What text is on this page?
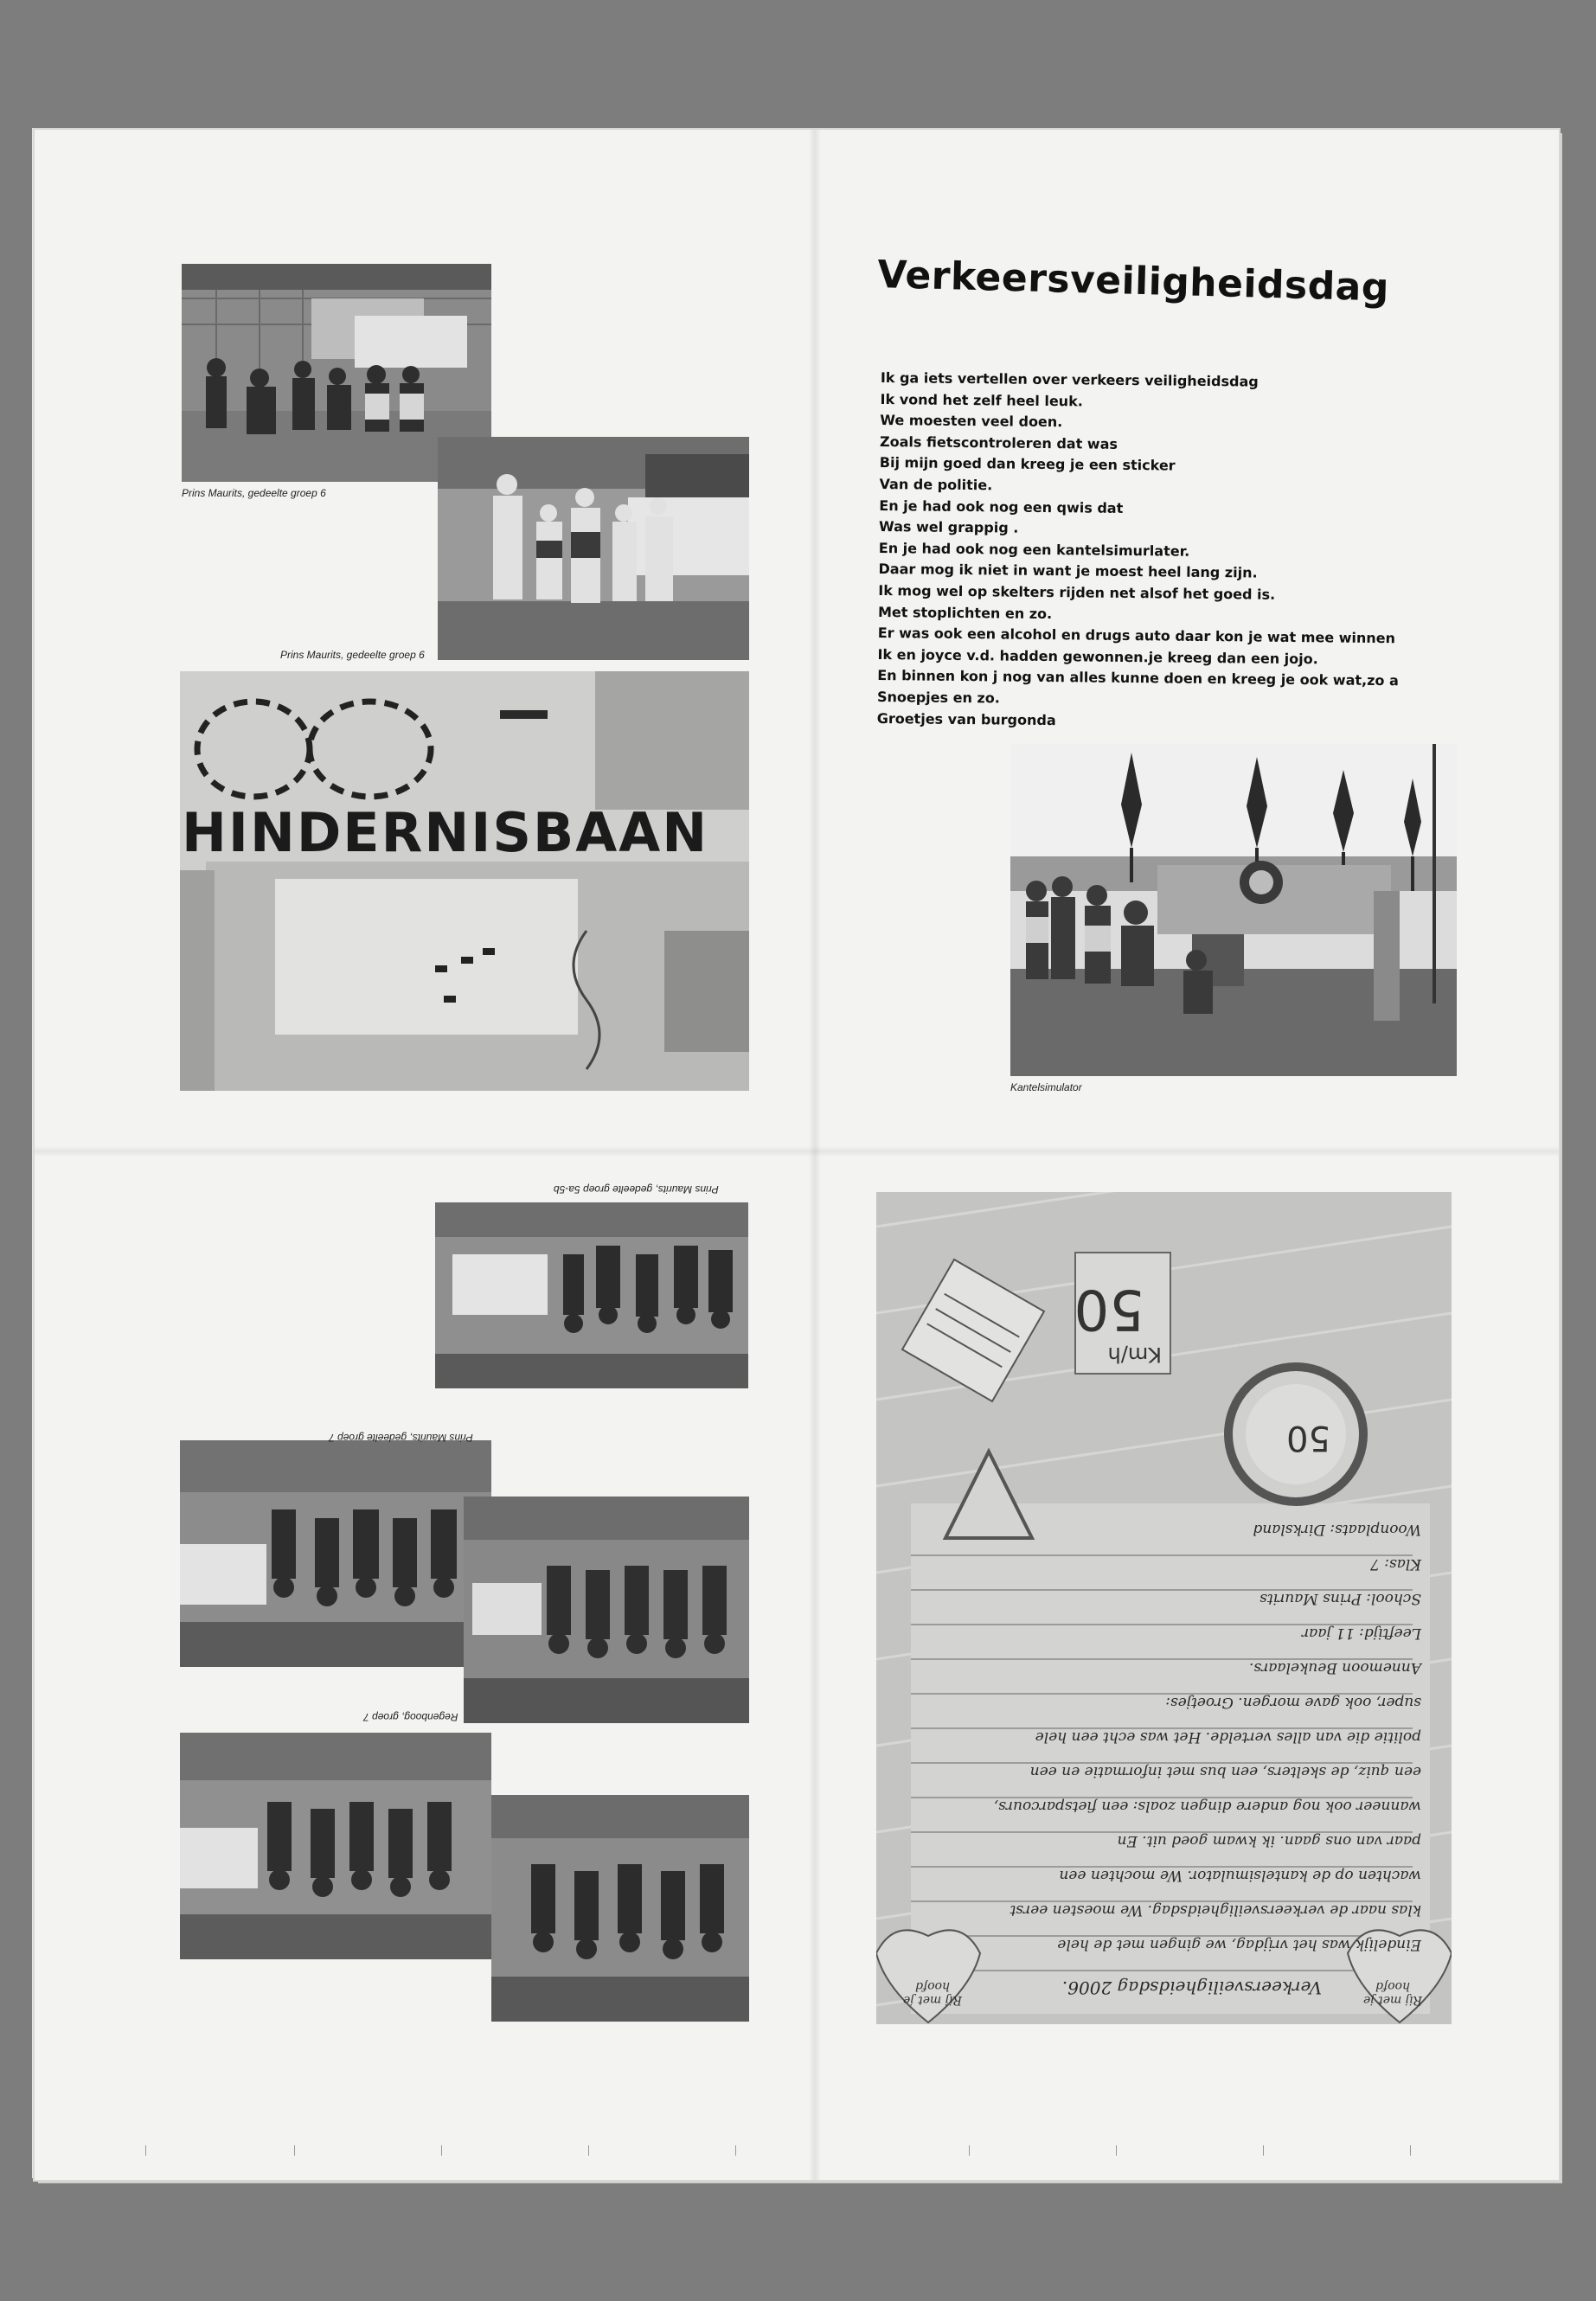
Prins Maurits, gedeelte groep 6
Prins Maurits, gedeelte groep 6
HINDERNISBAAN
Verkeersveiligheidsdag
Ik ga iets vertellen over verkeers veiligheidsdag
Ik vond het zelf heel leuk.
We moesten veel doen.
Zoals fietscontroleren dat was
Bij mijn goed dan kreeg je een sticker
Van de politie.
En je had ook nog een qwis dat
Was wel grappig .
En je had ook nog een kantelsimurlater.
Daar mog ik niet in want je moest heel lang zijn.
Ik mog wel op skelters rijden net alsof het goed is.
Met stoplichten en zo.
Er was ook een alcohol en drugs auto daar kon je wat mee winnen
Ik en joyce v.d. hadden gewonnen.je kreeg dan een jojo.
En binnen kon j nog van alles kunne doen en kreeg je ook wat,zo a
Snoepjes en zo.
Groetjes van burgonda
Kantelsimulator
Prins Maurits, gedeelte groep 5a-5b
Prins Maurits, gedeelte groep 7
Regenboog, groep 7
50
Km/h
50
Verkeersveiligheidsdag 2006.
Eindelijk was het vrijdag, we gingen met de hele
klas naar de verkeersveiligheidsdag. We moesten eerst
wachten op de kantelsimulator. We mochten een
paar van ons gaan. ik kwam goed uit. En
wanneer ook nog andere dingen zoals: een fietsparcours,
een quiz, de skelters, een bus met informatie en een
politie die van alles vertelde. Het was echt een hele
super, ook gave morgen. Groetjes:
Annemoon Beukelaars.
Leeftijd: 11 jaar
School: Prins Maurits
Klas: 7
Woonplaats: Dirksland
Rij met je hoofd
Rij met je hoofd
